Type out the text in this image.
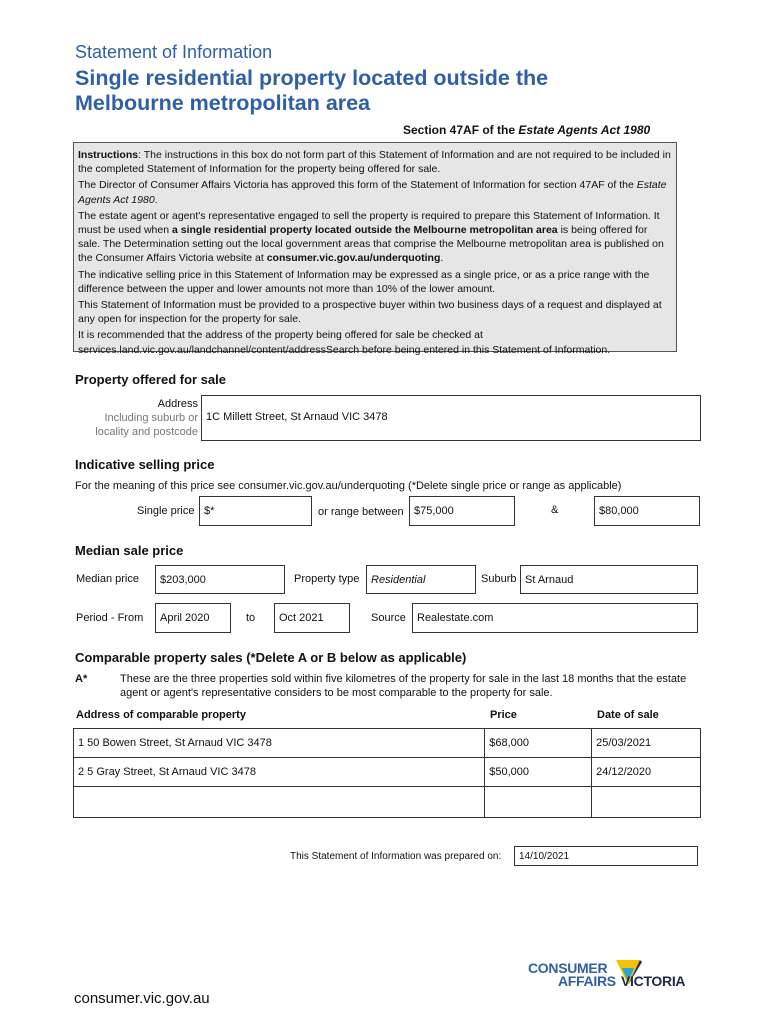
Statement of Information
Single residential property located outside the
Melbourne metropolitan area
Section 47AF of the Estate Agents Act 1980

Instructions: The instructions in this box do not form part of this Statement of Information and are not required to be included in the completed Statement of Information for the property being offered for sale.

The Director of Consumer Affairs Victoria has approved this form of the Statement of Information for section 47AF of the Estate Agents Act 1980.

The estate agent or agent's representative engaged to sell the property is required to prepare this Statement of Information. It must be used when a single residential property located outside the Melbourne metropolitan area is being offered for sale. The Determination setting out the local government areas that comprise the Melbourne metropolitan area is published on the Consumer Affairs Victoria website at consumer.vic.gov.au/underquoting.

The indicative selling price in this Statement of Information may be expressed as a single price, or as a price range with the difference between the upper and lower amounts not more than 10% of the lower amount.

This Statement of Information must be provided to a prospective buyer within two business days of a request and displayed at any open for inspection for the property for sale.

It is recommended that the address of the property being offered for sale be checked at services.land.vic.gov.au/landchannel/content/addressSearch before being entered in this Statement of Information.

Property offered for sale
Address
Including suburb or
locality and postcode
1C Millett Street, St Arnaud VIC 3478
Indicative selling price
For the meaning of this price see consumer.vic.gov.au/underquoting (*Delete single price or range as applicable)
Single price $*	or range between $75,000	&	$80,000
Median sale price
Median price	$203,000	Property type	Residential	Suburb St Arnaud
Period - From	April 2020	to	Oct 2021	Source	Realestate.com
Comparable property sales (*Delete A or B below as applicable)
A*	These are the three properties sold within five kilometres of the property for sale in the last 18 months that the estate agent or agent's representative considers to be most comparable to the property for sale.
Address of comparable property	Price	Date of sale
1 50 Bowen Street, St Arnaud VIC 3478	$68,000	25/03/2021
2 5 Gray Street, St Arnaud VIC 3478	$50,000	24/12/2020

This Statement of Information was prepared on:	14/10/2021
CONSUMER
AFFAIRS VICTORIA
consumer.vic.gov.au
